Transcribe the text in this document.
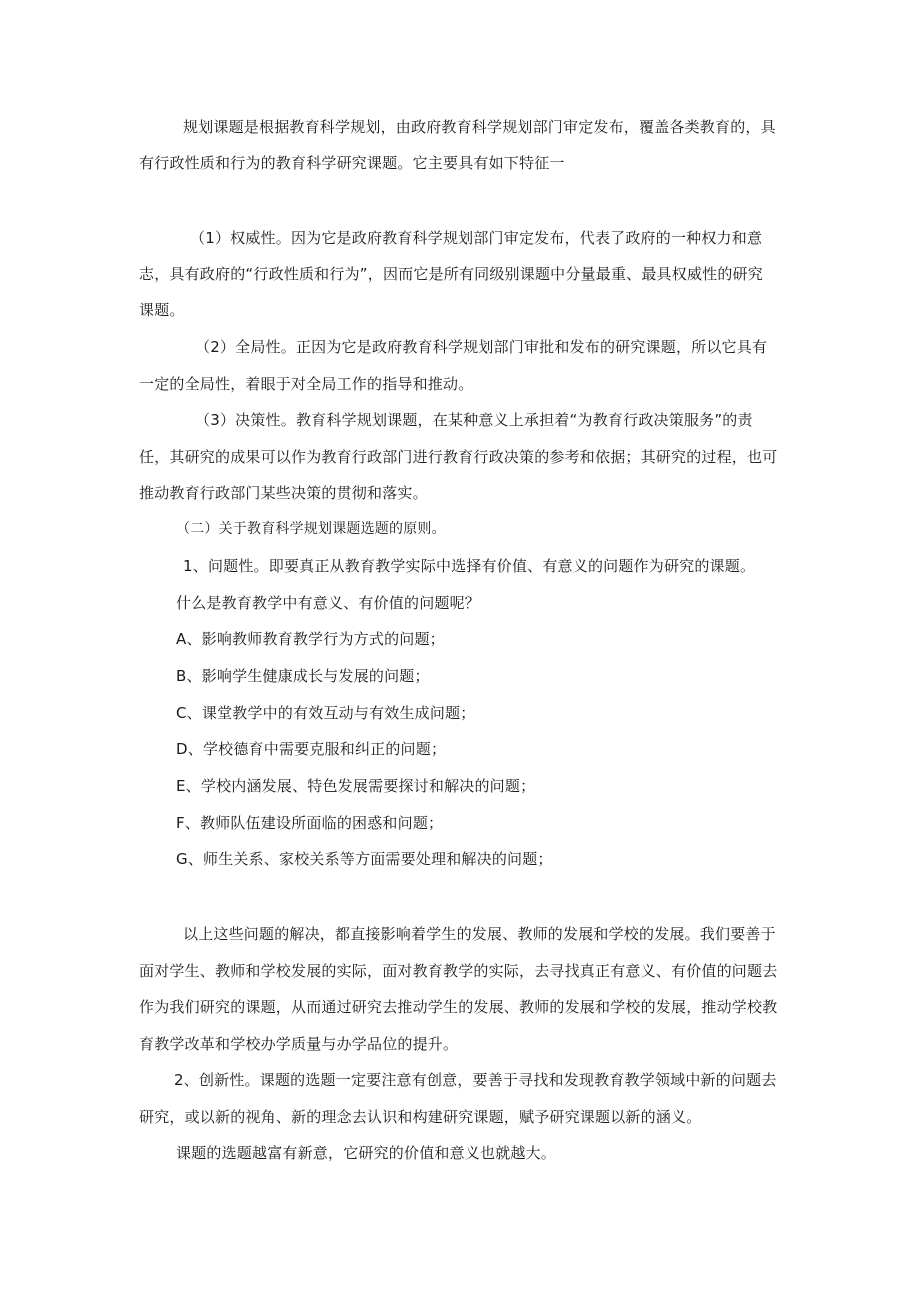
规划课题是根据教育科学规划，由政府教育科学规划部门审定发布，覆盖各类教育的，具
有行政性质和行为的教育科学研究课题。它主要具有如下特征一
（1）权威性。因为它是政府教育科学规划部门审定发布，代表了政府的一种权力和意
志，具有政府的“行政性质和行为”，因而它是所有同级别课题中分量最重、最具权威性的研究
课题。
（2）全局性。正因为它是政府教育科学规划部门审批和发布的研究课题，所以它具有
一定的全局性，着眼于对全局工作的指导和推动。
（3）决策性。教育科学规划课题，在某种意义上承担着“为教育行政决策服务”的责
任，其研究的成果可以作为教育行政部门进行教育行政决策的参考和依据；其研究的过程，也可
推动教育行政部门某些决策的贯彻和落实。
（二）关于教育科学规划课题选题的原则。
1、问题性。即要真正从教育教学实际中选择有价值、有意义的问题作为研究的课题。
什么是教育教学中有意义、有价值的问题呢？
A、影响教师教育教学行为方式的问题；
B、影响学生健康成长与发展的问题；
C、课堂教学中的有效互动与有效生成问题；
D、学校德育中需要克服和纠正的问题；
E、学校内涵发展、特色发展需要探讨和解决的问题；
F、教师队伍建设所面临的困惑和问题；
G、师生关系、家校关系等方面需要处理和解决的问题；
以上这些问题的解决，都直接影响着学生的发展、教师的发展和学校的发展。我们要善于
面对学生、教师和学校发展的实际，面对教育教学的实际，去寻找真正有意义、有价值的问题去
作为我们研究的课题，从而通过研究去推动学生的发展、教师的发展和学校的发展，推动学校教
育教学改革和学校办学质量与办学品位的提升。
2、创新性。课题的选题一定要注意有创意，要善于寻找和发现教育教学领域中新的问题去
研究，或以新的视角、新的理念去认识和构建研究课题，赋予研究课题以新的涵义。
课题的选题越富有新意，它研究的价值和意义也就越大。
